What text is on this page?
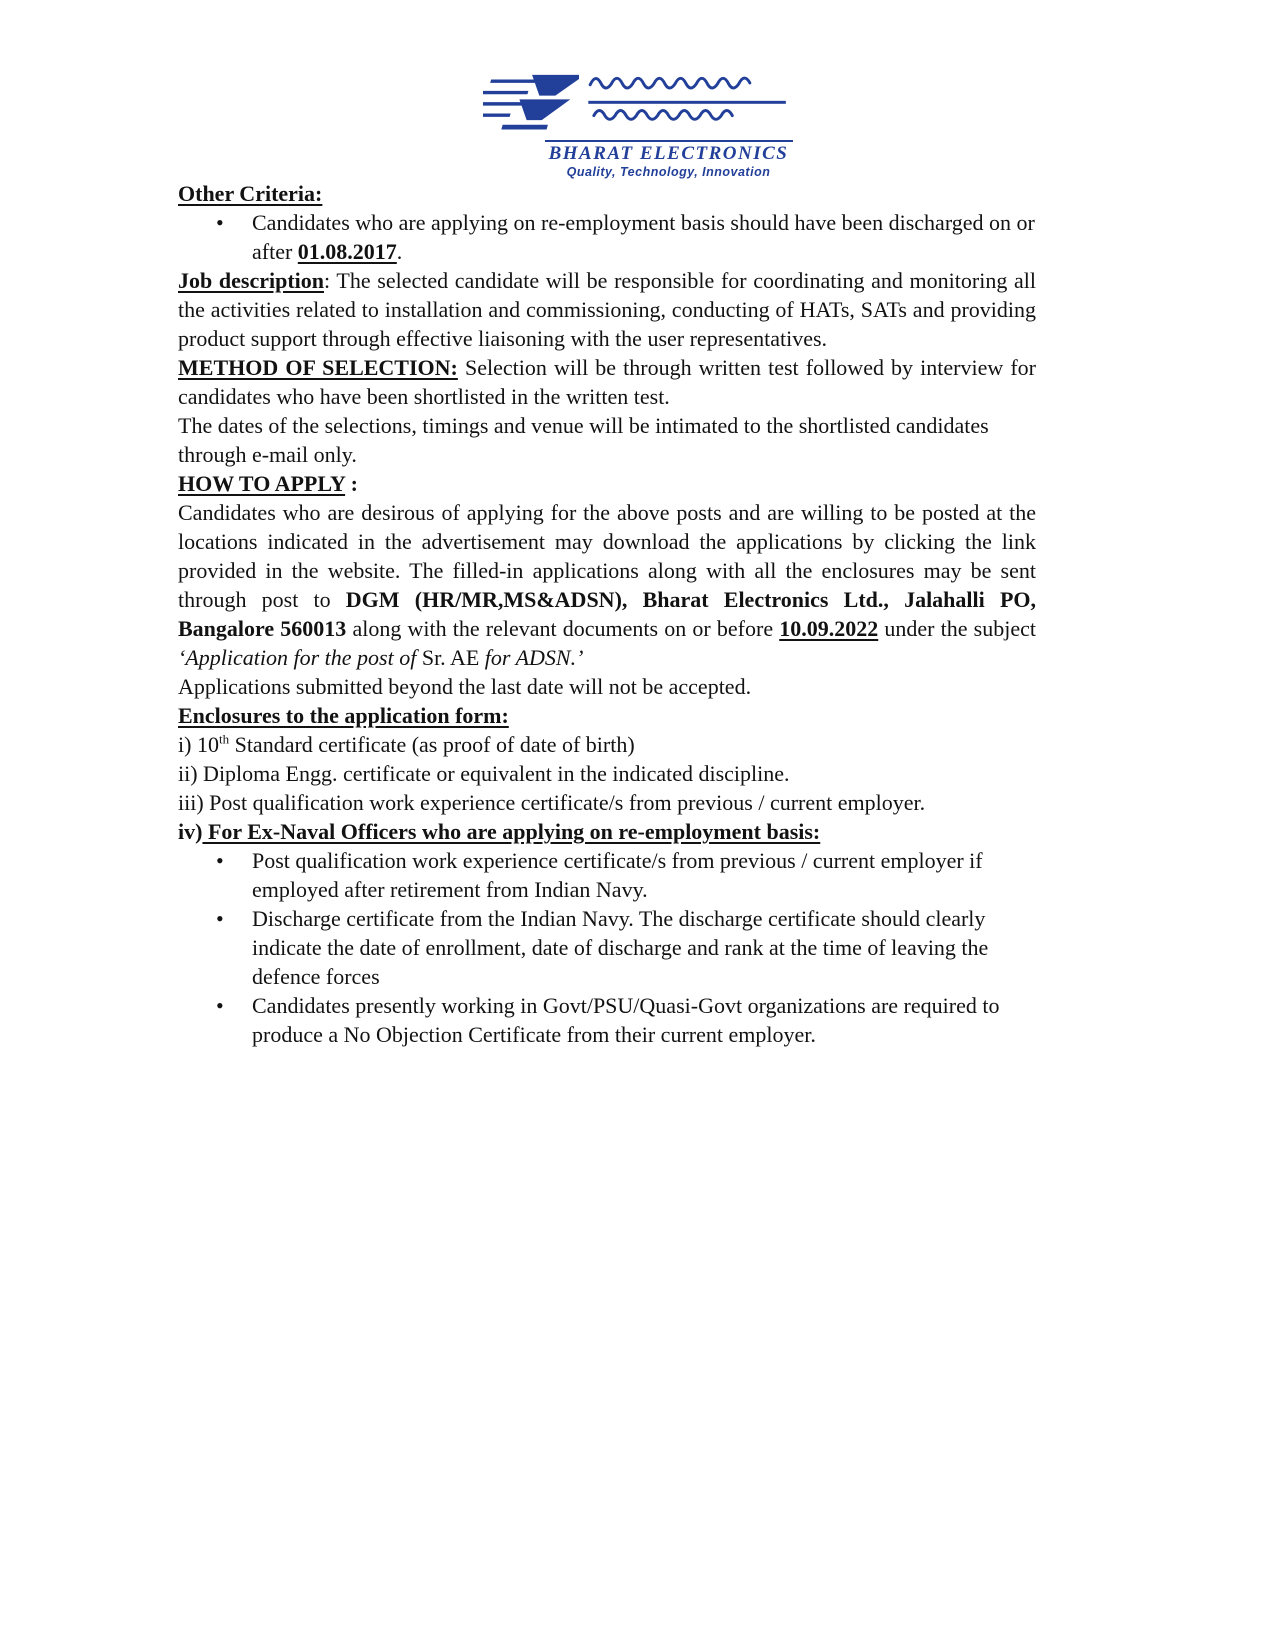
BHARAT ELECTRONICS
Quality, Technology, Innovation
Other Criteria:
• Candidates who are applying on re-employment basis should have been discharged on or after 01.08.2017.

Job description: The selected candidate will be responsible for coordinating and monitoring all the activities related to installation and commissioning, conducting of HATs, SATs and providing product support through effective liaisoning with the user representatives.

METHOD OF SELECTION: Selection will be through written test followed by interview for candidates who have been shortlisted in the written test.

The dates of the selections, timings and venue will be intimated to the shortlisted candidates through e-mail only.

HOW TO APPLY :

Candidates who are desirous of applying for the above posts and are willing to be posted at the locations indicated in the advertisement may download the applications by clicking the link provided in the website. The filled-in applications along with all the enclosures may be sent through post to DGM (HR/MR,MS&ADSN), Bharat Electronics Ltd., Jalahalli PO, Bangalore 560013 along with the relevant documents on or before 10.09.2022 under the subject ‘Application for the post of Sr. AE for ADSN.’

Applications submitted beyond the last date will not be accepted.

Enclosures to the application form:
i) 10th Standard certificate (as proof of date of birth)
ii) Diploma Engg. certificate or equivalent in the indicated discipline.
iii) Post qualification work experience certificate/s from previous / current employer.
iv) For Ex-Naval Officers who are applying on re-employment basis:
• Post qualification work experience certificate/s from previous / current employer if employed after retirement from Indian Navy.
• Discharge certificate from the Indian Navy. The discharge certificate should clearly indicate the date of enrollment, date of discharge and rank at the time of leaving the defence forces
• Candidates presently working in Govt/PSU/Quasi-Govt organizations are required to produce a No Objection Certificate from their current employer.
